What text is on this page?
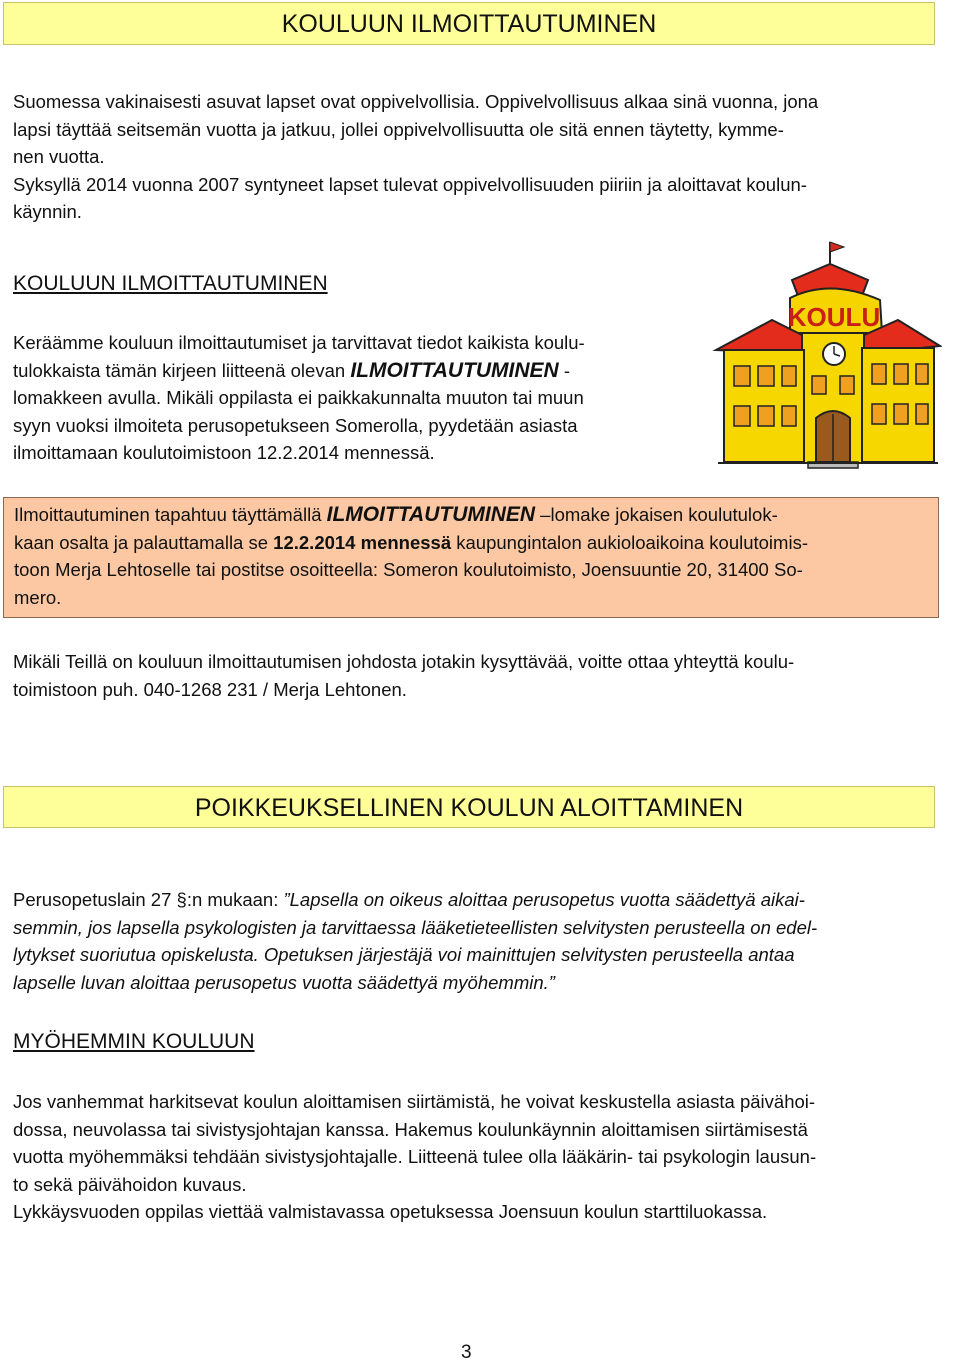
KOULUUN ILMOITTAUTUMINEN
Suomessa vakinaisesti asuvat lapset ovat oppivelvollisia. Oppivelvollisuus alkaa sinä vuonna, jona
lapsi täyttää seitsemän vuotta ja jatkuu, jollei oppivelvollisuutta ole sitä ennen täytetty, kymme-
nen vuotta.
Syksyllä 2014 vuonna 2007 syntyneet lapset tulevat oppivelvollisuuden piiriin ja aloittavat koulun-
käynnin.
KOULUUN ILMOITTAUTUMINEN
Keräämme kouluun ilmoittautumiset ja tarvittavat tiedot kaikista koulu-
tulokkaista tämän kirjeen liitteenä olevan ILMOITTAUTUMINEN -
lomakkeen avulla. Mikäli oppilasta ei paikkakunnalta muuton tai muun
syyn vuoksi ilmoiteta perusopetukseen Somerolla, pyydetään asiasta
ilmoittamaan koulutoimistoon 12.2.2014 mennessä.
KOULU
Ilmoittautuminen tapahtuu täyttämällä ILMOITTAUTUMINEN –lomake jokaisen koulutulok-
kaan osalta ja palauttamalla se 12.2.2014 mennessä kaupungintalon aukioloaikoina koulutoimis-
toon Merja Lehtoselle tai postitse osoitteella: Someron koulutoimisto, Joensuuntie 20, 31400 So-
mero.
Mikäli Teillä on kouluun ilmoittautumisen johdosta jotakin kysyttävää, voitte ottaa yhteyttä koulu-
toimistoon puh. 040-1268 231 / Merja Lehtonen.
POIKKEUKSELLINEN KOULUN ALOITTAMINEN
Perusopetuslain 27 §:n mukaan: ”Lapsella on oikeus aloittaa perusopetus vuotta säädettyä aikai-
semmin, jos lapsella psykologisten ja tarvittaessa lääketieteellisten selvitysten perusteella on edel-
lytykset suoriutua opiskelusta. Opetuksen järjestäjä voi mainittujen selvitysten perusteella antaa
lapselle luvan aloittaa perusopetus vuotta säädettyä myöhemmin.”
MYÖHEMMIN KOULUUN
Jos vanhemmat harkitsevat koulun aloittamisen siirtämistä, he voivat keskustella asiasta päivähoi-
dossa, neuvolassa tai sivistysjohtajan kanssa. Hakemus koulunkäynnin aloittamisen siirtämisestä
vuotta myöhemmäksi tehdään sivistysjohtajalle. Liitteenä tulee olla lääkärin- tai psykologin lausun-
to sekä päivähoidon kuvaus.
Lykkäysvuoden oppilas viettää valmistavassa opetuksessa Joensuun koulun starttiluokassa.
3
